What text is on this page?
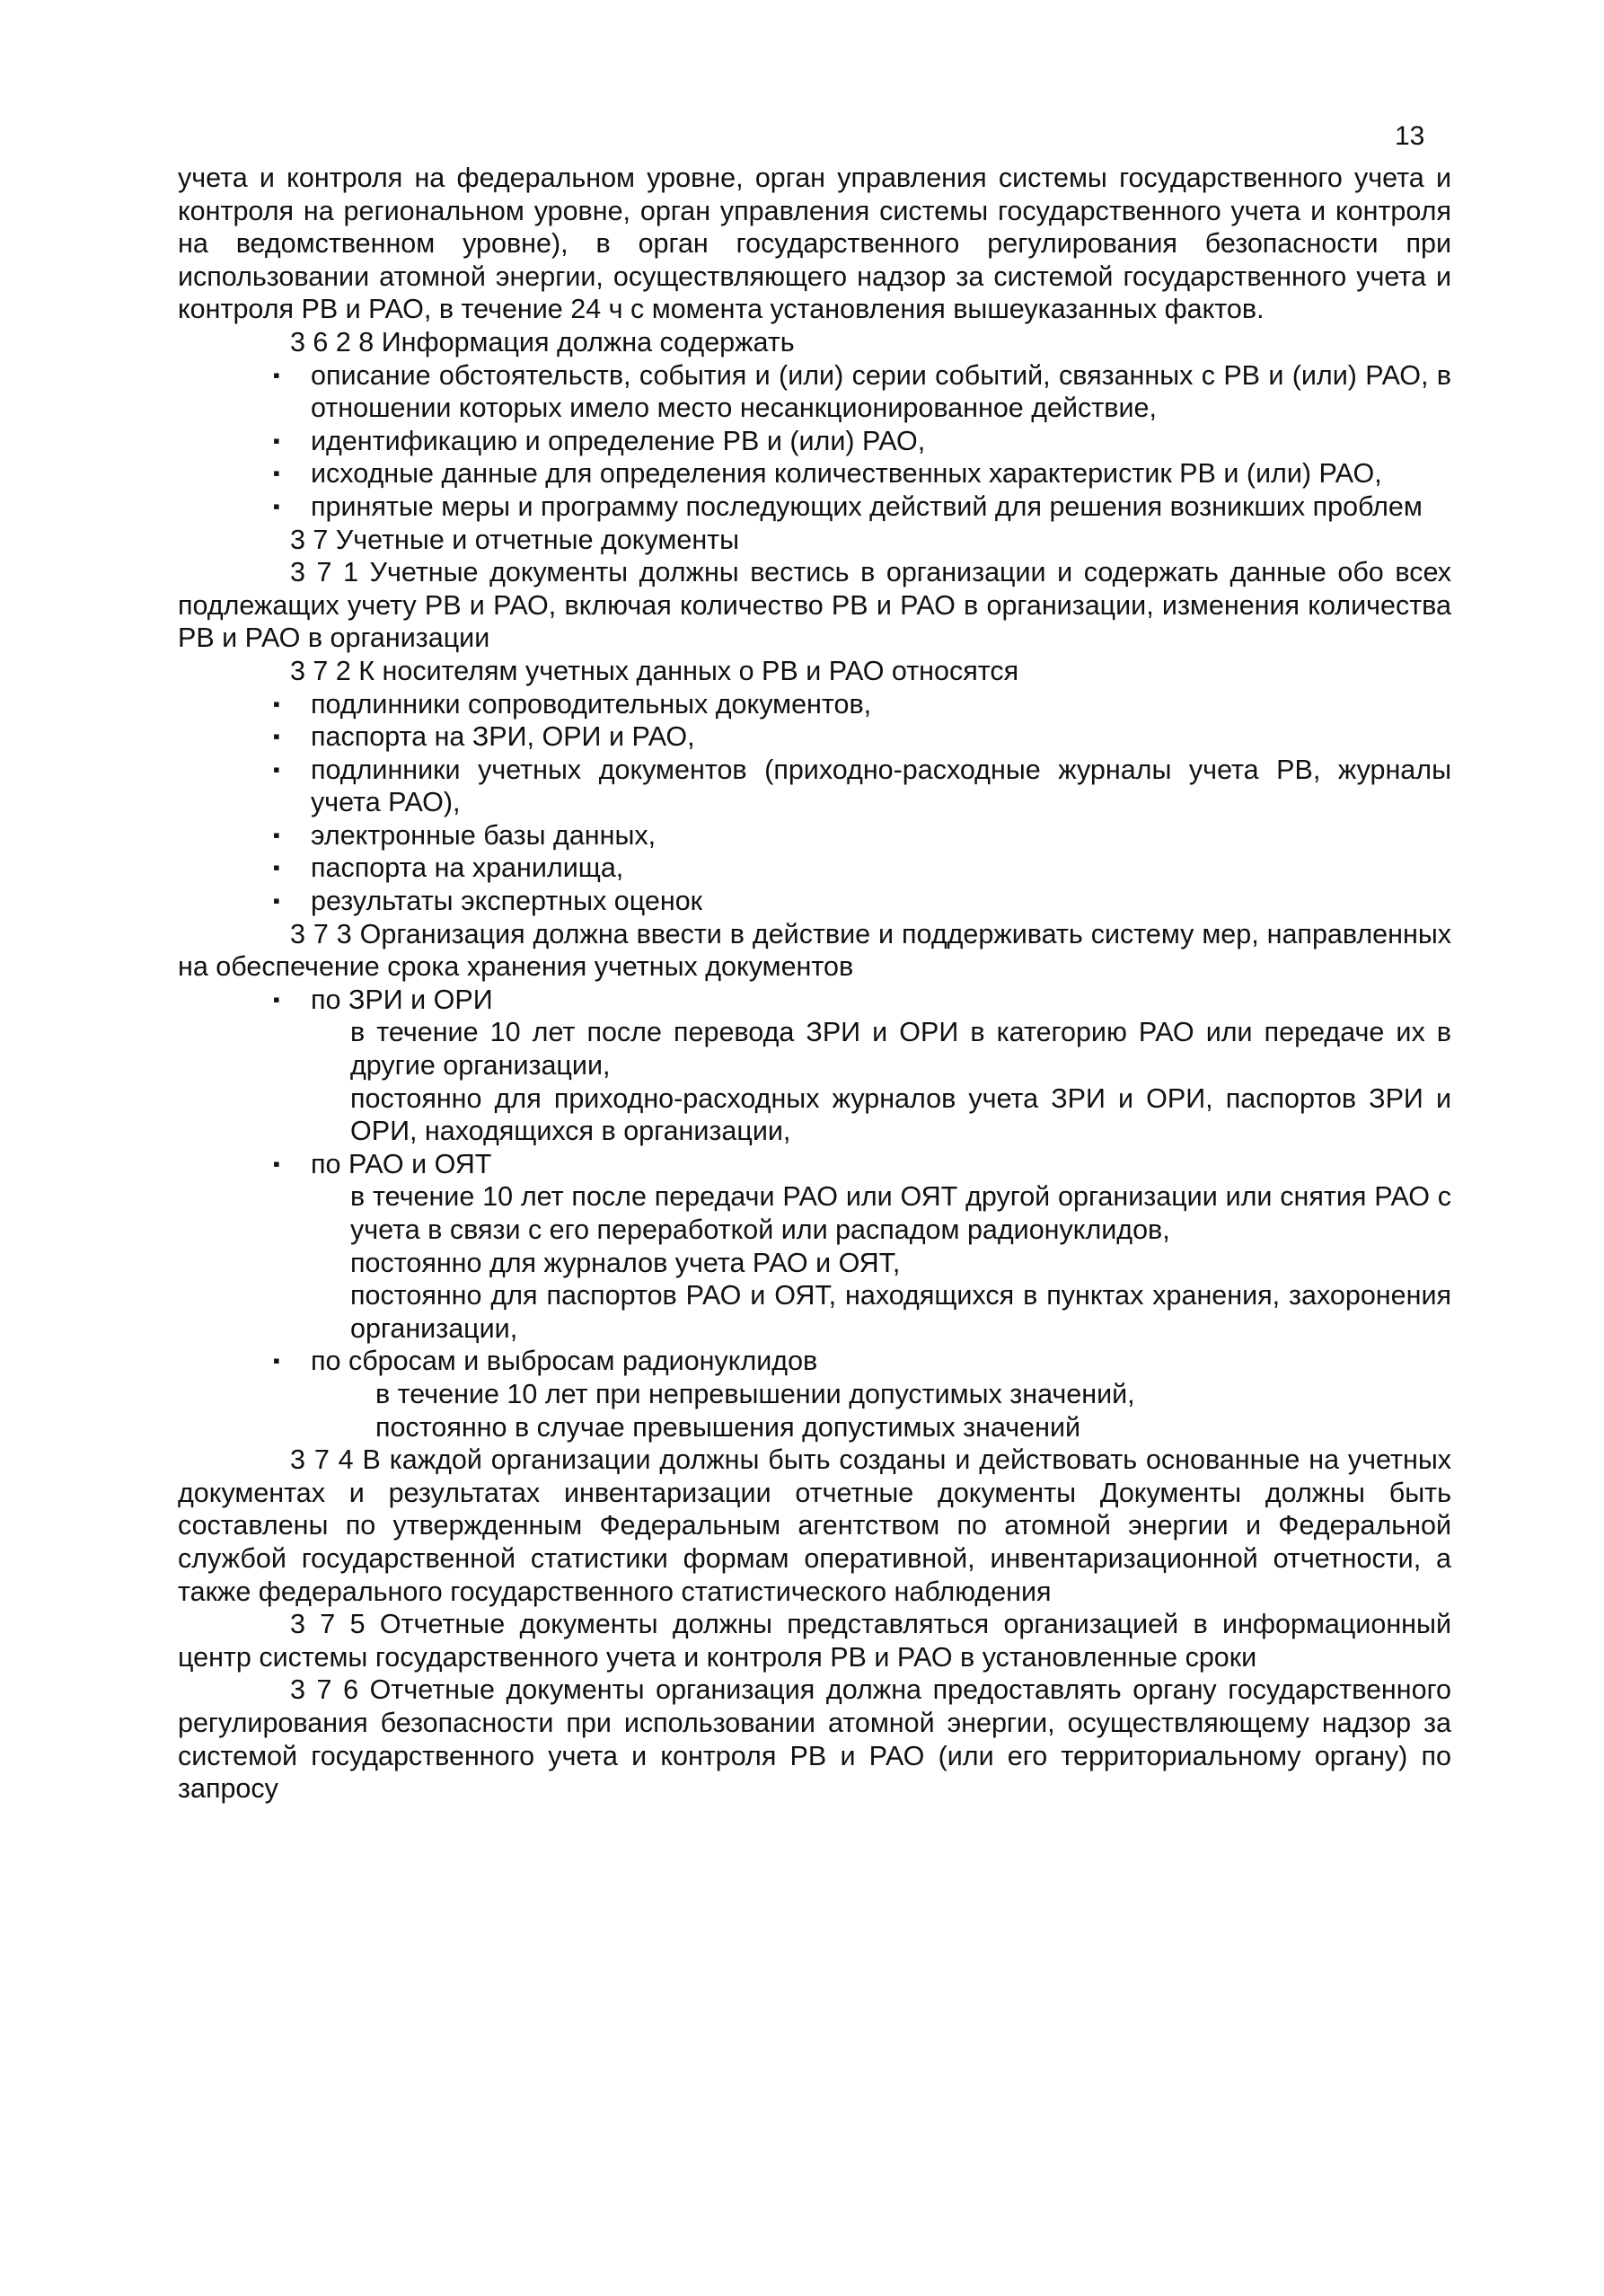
13

учета и контроля на федеральном уровне, орган управления системы государственного учета и контроля на региональном уровне, орган управления системы государственного учета и контроля на ведомственном уровне), в орган государственного регулирования безопасности при использовании атомной энергии, осуществляющего надзор за системой государственного учета и контроля РВ и РАО, в течение 24 ч с момента установления вышеуказанных фактов.

3 6 2 8 Информация должна содержать

▪ описание обстоятельств, события и (или) серии событий, связанных с РВ и (или) РАО, в отношении которых имело место несанкционированное действие,
▪ идентификацию и определение РВ и (или) РАО,
▪ исходные данные для определения количественных характеристик РВ и (или) РАО,
▪ принятые меры и программу последующих действий для решения возникших проблем

3 7 Учетные и отчетные документы

3 7 1 Учетные документы должны вестись в организации и содержать данные обо всех подлежащих учету РВ и РАО, включая количество РВ и РАО в организации, изменения количества РВ и РАО в организации

3 7 2 К носителям учетных данных о РВ и РАО относятся

▪ подлинники сопроводительных документов,
▪ паспорта на ЗРИ, ОРИ и РАО,
▪ подлинники учетных документов (приходно-расходные журналы учета РВ, журналы учета РАО),
▪ электронные базы данных,
▪ паспорта на хранилища,
▪ результаты экспертных оценок

3 7 3 Организация должна ввести в действие и поддерживать систему мер, направленных на обеспечение срока хранения учетных документов

▪ по ЗРИ и ОРИ

в течение 10 лет после перевода ЗРИ и ОРИ в категорию РАО или передаче их в другие организации,

постоянно для приходно-расходных журналов учета ЗРИ и ОРИ, паспортов ЗРИ и ОРИ, находящихся в организации,

▪ по РАО и ОЯТ

в течение 10 лет после передачи РАО или ОЯТ другой организации или снятия РАО с учета в связи с его переработкой или распадом радионуклидов,

постоянно для журналов учета РАО и ОЯТ,

постоянно для паспортов РАО и ОЯТ, находящихся в пунктах хранения, захоронения организации,

▪ по сбросам и выбросам радионуклидов

в течение 10 лет при непревышении допустимых значений,

постоянно в случае превышения допустимых значений

3 7 4 В каждой организации должны быть созданы и действовать основанные на учетных документах и результатах инвентаризации отчетные документы Документы должны быть составлены по утвержденным Федеральным агентством по атомной энергии и Федеральной службой государственной статистики формам оперативной, инвентаризационной отчетности, а также федерального государственного статистического наблюдения

3 7 5 Отчетные документы должны представляться организацией в информационный центр системы государственного учета и контроля РВ и РАО в установленные сроки

3 7 6 Отчетные документы организация должна предоставлять органу государственного регулирования безопасности при использовании атомной энергии, осуществляющему надзор за системой государственного учета и контроля РВ и РАО (или его территориальному органу) по запросу
